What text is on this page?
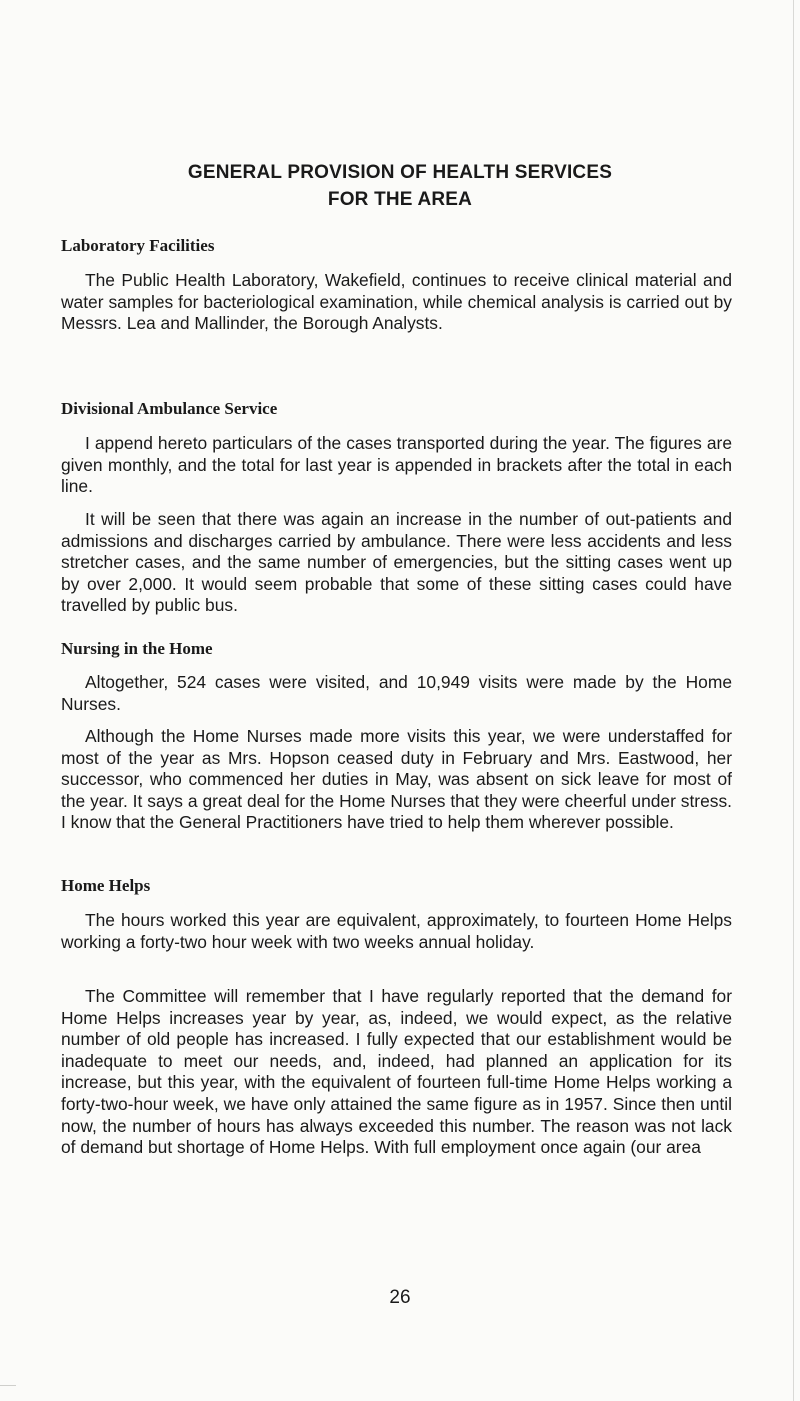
GENERAL PROVISION OF HEALTH SERVICES
FOR THE AREA
Laboratory Facilities

The Public Health Laboratory, Wakefield, continues to receive clinical material and water samples for bacteriological examination, while chemical analysis is carried out by Messrs. Lea and Mallinder, the Borough Analysts.

Divisional Ambulance Service

I append hereto particulars of the cases transported during the year. The figures are given monthly, and the total for last year is appended in brackets after the total in each line.

It will be seen that there was again an increase in the number of out-patients and admissions and discharges carried by ambulance. There were less accidents and less stretcher cases, and the same number of emergencies, but the sitting cases went up by over 2,000. It would seem probable that some of these sitting cases could have travelled by public bus.

Nursing in the Home

Altogether, 524 cases were visited, and 10,949 visits were made by the Home Nurses.

Although the Home Nurses made more visits this year, we were understaffed for most of the year as Mrs. Hopson ceased duty in February and Mrs. Eastwood, her successor, who commenced her duties in May, was absent on sick leave for most of the year. It says a great deal for the Home Nurses that they were cheerful under stress. I know that the General Practitioners have tried to help them wherever possible.

Home Helps

The hours worked this year are equivalent, approximately, to fourteen Home Helps working a forty-two hour week with two weeks annual holiday.

The Committee will remember that I have regularly reported that the demand for Home Helps increases year by year, as, indeed, we would expect, as the relative number of old people has increased. I fully expected that our establishment would be inadequate to meet our needs, and, indeed, had planned an application for its increase, but this year, with the equivalent of fourteen full-time Home Helps working a forty-two-hour week, we have only attained the same figure as in 1957. Since then until now, the number of hours has always exceeded this number. The reason was not lack of demand but shortage of Home Helps. With full employment once again (our area

26
